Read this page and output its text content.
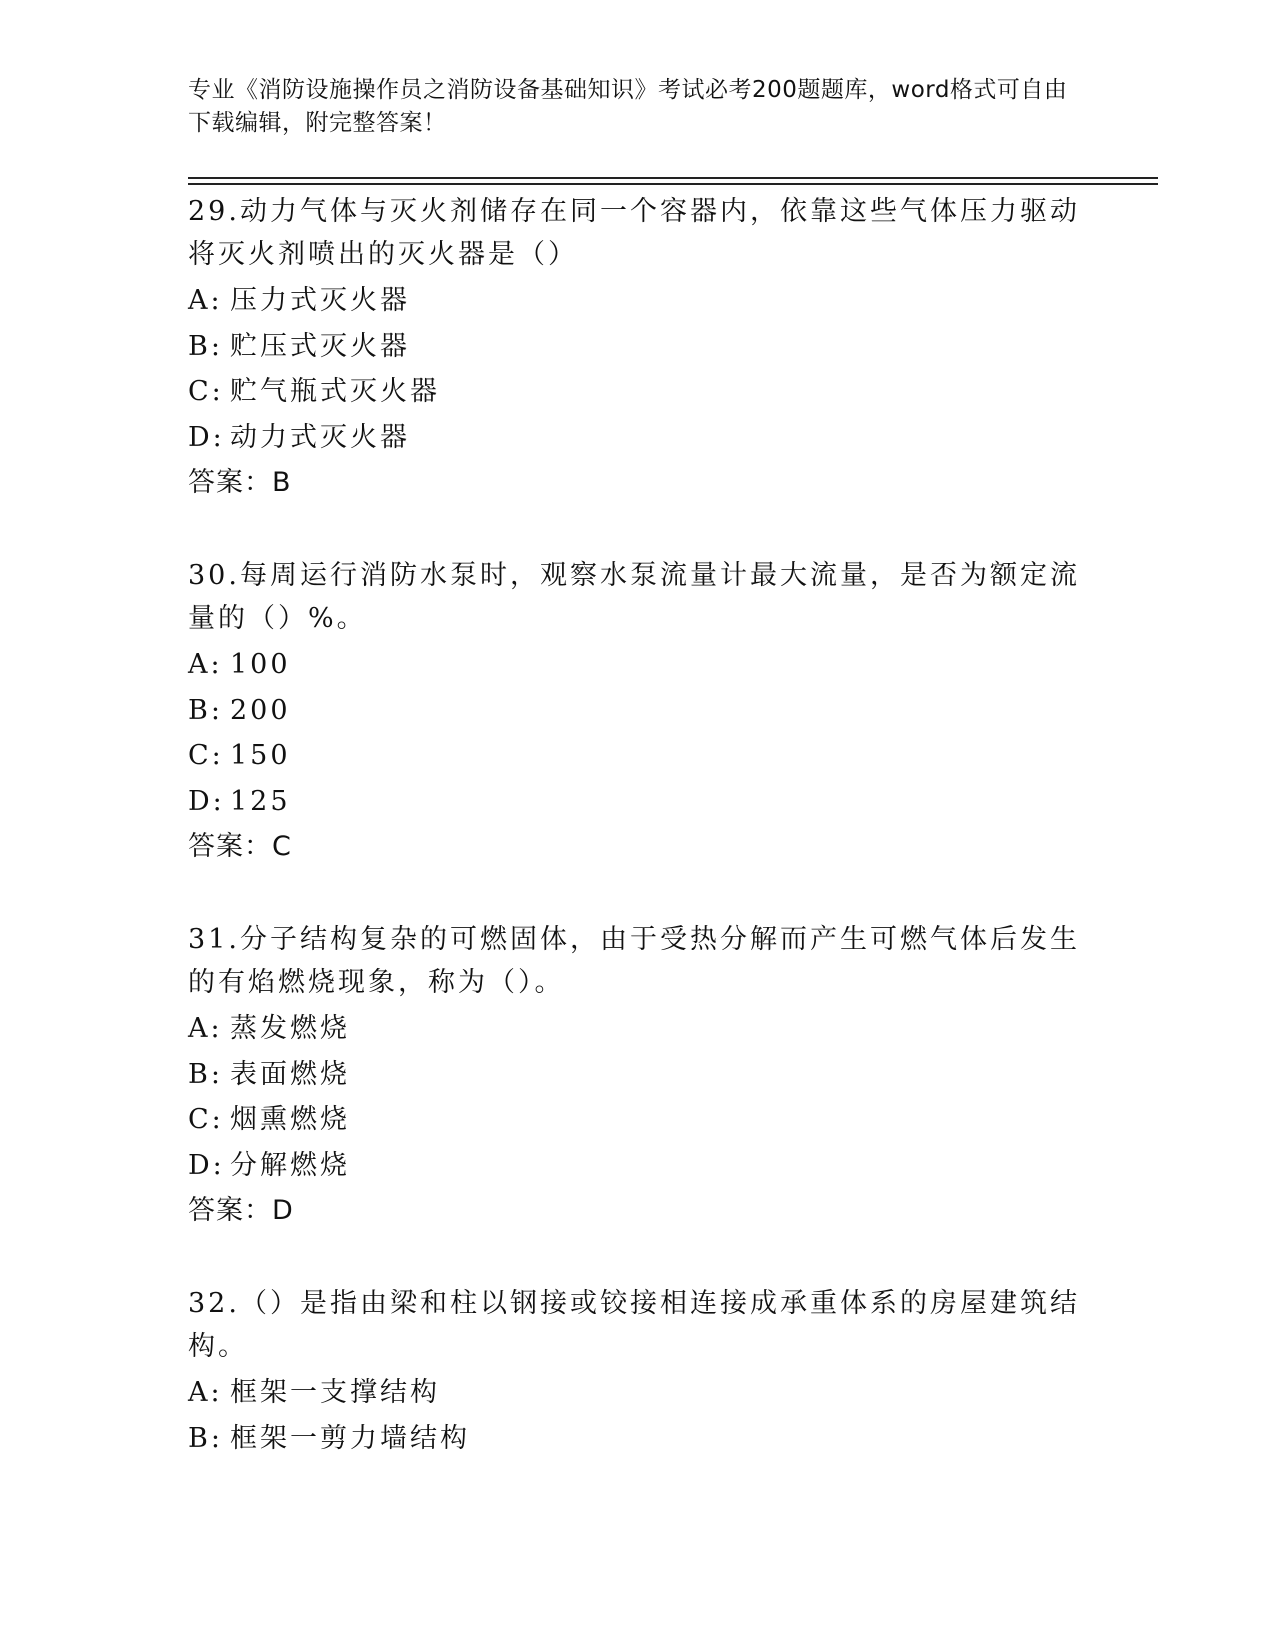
专业《消防设施操作员之消防设备基础知识》考试必考200题题库，word格式可自由下载编辑，附完整答案！

29.动力气体与灭火剂储存在同一个容器内，依靠这些气体压力驱动将灭火剂喷出的灭火器是（）

A: 压力式灭火器
B: 贮压式灭火器
C: 贮气瓶式灭火器
D: 动力式灭火器
答案：B

30.每周运行消防水泵时，观察水泵流量计最大流量，是否为额定流量的（）%。

A: 100
B: 200
C: 150
D: 125
答案：C

31.分子结构复杂的可燃固体，由于受热分解而产生可燃气体后发生的有焰燃烧现象，称为（）。

A: 蒸发燃烧
B: 表面燃烧
C: 烟熏燃烧
D: 分解燃烧
答案：D

32.（）是指由梁和柱以钢接或铰接相连接成承重体系的房屋建筑结构。

A: 框架一支撑结构
B: 框架一剪力墙结构
